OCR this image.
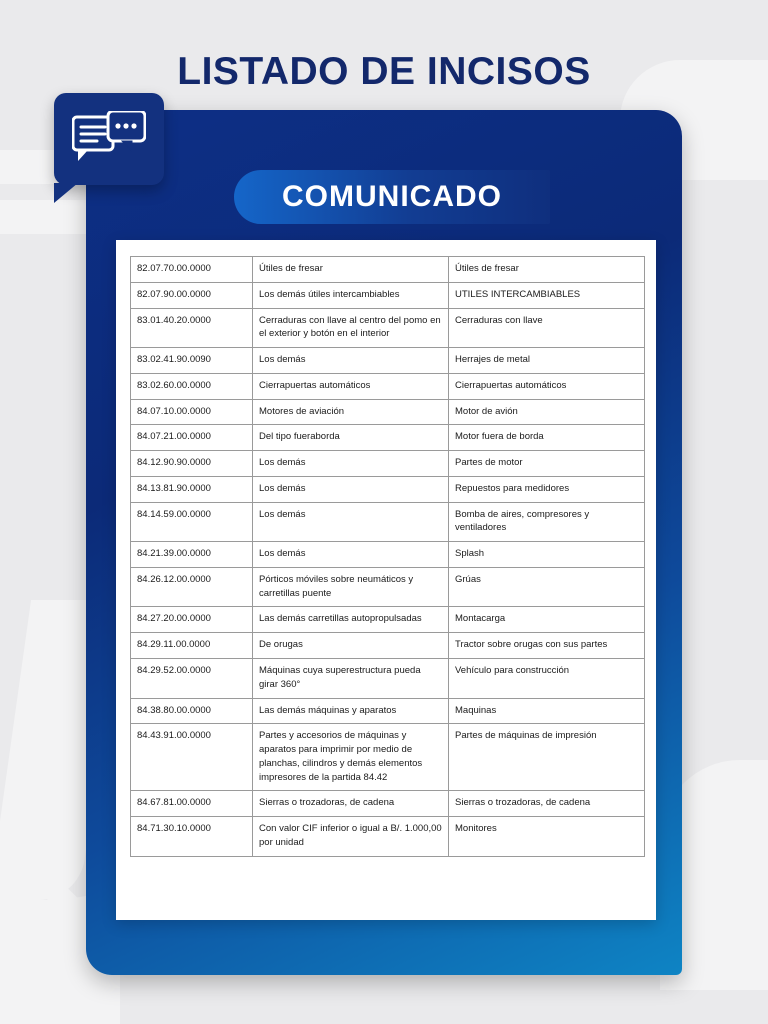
LISTADO DE INCISOS
COMUNICADO
82.07.70.00.0000	Útiles de fresar	Útiles de fresar
82.07.90.00.0000	Los demás útiles intercambiables	UTILES INTERCAMBIABLES
83.01.40.20.0000	Cerraduras con llave al centro del pomo en el exterior y botón en el interior	Cerraduras con llave
83.02.41.90.0090	Los demás	Herrajes de metal
83.02.60.00.0000	Cierrapuertas automáticos	Cierrapuertas automáticos
84.07.10.00.0000	Motores de aviación	Motor de avión
84.07.21.00.0000	Del tipo fueraborda	Motor fuera de borda
84.12.90.90.0000	Los demás	Partes de motor
84.13.81.90.0000	Los demás	Repuestos para medidores
84.14.59.00.0000	Los demás	Bomba de aires, compresores y ventiladores
84.21.39.00.0000	Los demás	Splash
84.26.12.00.0000	Pórticos móviles sobre neumáticos y carretillas puente	Grúas
84.27.20.00.0000	Las demás carretillas autopropulsadas	Montacarga
84.29.11.00.0000	De orugas	Tractor sobre orugas con sus partes
84.29.52.00.0000	Máquinas cuya superestructura pueda girar 360°	Vehículo para construcción
84.38.80.00.0000	Las demás máquinas y aparatos	Maquinas
84.43.91.00.0000	Partes y accesorios de máquinas y aparatos para imprimir por medio de planchas, cilindros y demás elementos impresores de la partida 84.42	Partes de máquinas de impresión
84.67.81.00.0000	Sierras o trozadoras, de cadena	Sierras o trozadoras, de cadena
84.71.30.10.0000	Con valor CIF inferior o igual a B/. 1.000,00 por unidad	Monitores
